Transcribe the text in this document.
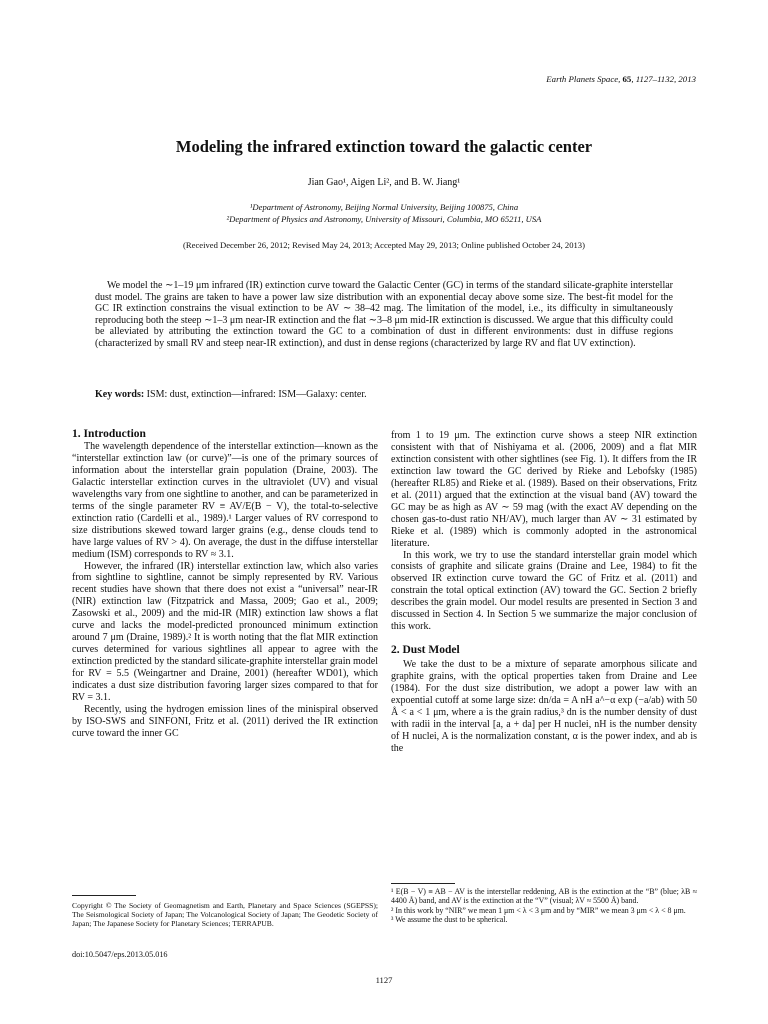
Earth Planets Space, 65, 1127–1132, 2013
Modeling the infrared extinction toward the galactic center
Jian Gao¹, Aigen Li², and B. W. Jiang¹
¹Department of Astronomy, Beijing Normal University, Beijing 100875, China
²Department of Physics and Astronomy, University of Missouri, Columbia, MO 65211, USA
(Received December 26, 2012; Revised May 24, 2013; Accepted May 29, 2013; Online published October 24, 2013)
We model the ∼1–19 μm infrared (IR) extinction curve toward the Galactic Center (GC) in terms of the standard silicate-graphite interstellar dust model. The grains are taken to have a power law size distribution with an exponential decay above some size. The best-fit model for the GC IR extinction constrains the visual extinction to be AV ∼ 38–42 mag. The limitation of the model, i.e., its difficulty in simultaneously reproducing both the steep ∼1–3 μm near-IR extinction and the flat ∼3–8 μm mid-IR extinction is discussed. We argue that this difficulty could be alleviated by attributing the extinction toward the GC to a combination of dust in different environments: dust in diffuse regions (characterized by small RV and steep near-IR extinction), and dust in dense regions (characterized by large RV and flat UV extinction).
Key words: ISM: dust, extinction—infrared: ISM—Galaxy: center.
1. Introduction

The wavelength dependence of the interstellar extinction—known as the “interstellar extinction law (or curve)”—is one of the primary sources of information about the interstellar grain population (Draine, 2003). The Galactic interstellar extinction curves in the ultraviolet (UV) and visual wavelengths vary from one sightline to another, and can be parameterized in terms of the single parameter RV ≡ AV/E(B − V), the total-to-selective extinction ratio (Cardelli et al., 1989).¹ Larger values of RV correspond to size distributions skewed toward larger grains (e.g., dense clouds tend to have large values of RV > 4). On average, the dust in the diffuse interstellar medium (ISM) corresponds to RV ≈ 3.1.

However, the infrared (IR) interstellar extinction law, which also varies from sightline to sightline, cannot be simply represented by RV. Various recent studies have shown that there does not exist a “universal” near-IR (NIR) extinction law (Fitzpatrick and Massa, 2009; Gao et al., 2009; Zasowski et al., 2009) and the mid-IR (MIR) extinction law shows a flat curve and lacks the model-predicted pronounced minimum extinction around 7 μm (Draine, 1989).² It is worth noting that the flat MIR extinction curves determined for various sightlines all appear to agree with the extinction predicted by the standard silicate-graphite interstellar grain model for RV = 5.5 (Weingartner and Draine, 2001) (hereafter WD01), which indicates a dust size distribution favoring larger sizes compared to that for RV = 3.1.

Recently, using the hydrogen emission lines of the minispiral observed by ISO-SWS and SINFONI, Fritz et al. (2011) derived the IR extinction curve toward the inner GC

from 1 to 19 μm. The extinction curve shows a steep NIR extinction consistent with that of Nishiyama et al. (2006, 2009) and a flat MIR extinction consistent with other sightlines (see Fig. 1). It differs from the IR extinction law toward the GC derived by Rieke and Lebofsky (1985) (hereafter RL85) and Rieke et al. (1989). Based on their observations, Fritz et al. (2011) argued that the extinction at the visual band (AV) toward the GC may be as high as AV ∼ 59 mag (with the exact AV depending on the chosen gas-to-dust ratio NH/AV), much larger than AV ∼ 31 estimated by Rieke et al. (1989) which is commonly adopted in the astronomical literature.

In this work, we try to use the standard interstellar grain model which consists of graphite and silicate grains (Draine and Lee, 1984) to fit the observed IR extinction curve toward the GC of Fritz et al. (2011) and constrain the total optical extinction (AV) toward the GC. Section 2 briefly describes the grain model. Our model results are presented in Section 3 and discussed in Section 4. In Section 5 we summarize the major conclusion of this work.

2. Dust Model

We take the dust to be a mixture of separate amorphous silicate and graphite grains, with the optical properties taken from Draine and Lee (1984). For the dust size distribution, we adopt a power law with an expoential cutoff at some large size: dn/da = A nH a^−α exp (−a/ab) with 50 Å < a < 1 μm, where a is the grain radius,³ dn is the number density of dust with radii in the interval [a, a + da] per H nuclei, nH is the number density of H nuclei, A is the normalization constant, α is the power index, and ab is the

Copyright © The Society of Geomagnetism and Earth, Planetary and Space Sciences (SGEPSS); The Seismological Society of Japan; The Volcanological Society of Japan; The Geodetic Society of Japan; The Japanese Society for Planetary Sciences; TERRAPUB.
doi:10.5047/eps.2013.05.016
¹ E(B − V) ≡ AB − AV is the interstellar reddening, AB is the extinction at the “B” (blue; λB ≈ 4400 Å) band, and AV is the extinction at the “V” (visual; λV ≈ 5500 Å) band.
² In this work by “NIR” we mean 1 μm < λ < 3 μm and by “MIR” we mean 3 μm < λ < 8 μm.
³ We assume the dust to be spherical.
1127
